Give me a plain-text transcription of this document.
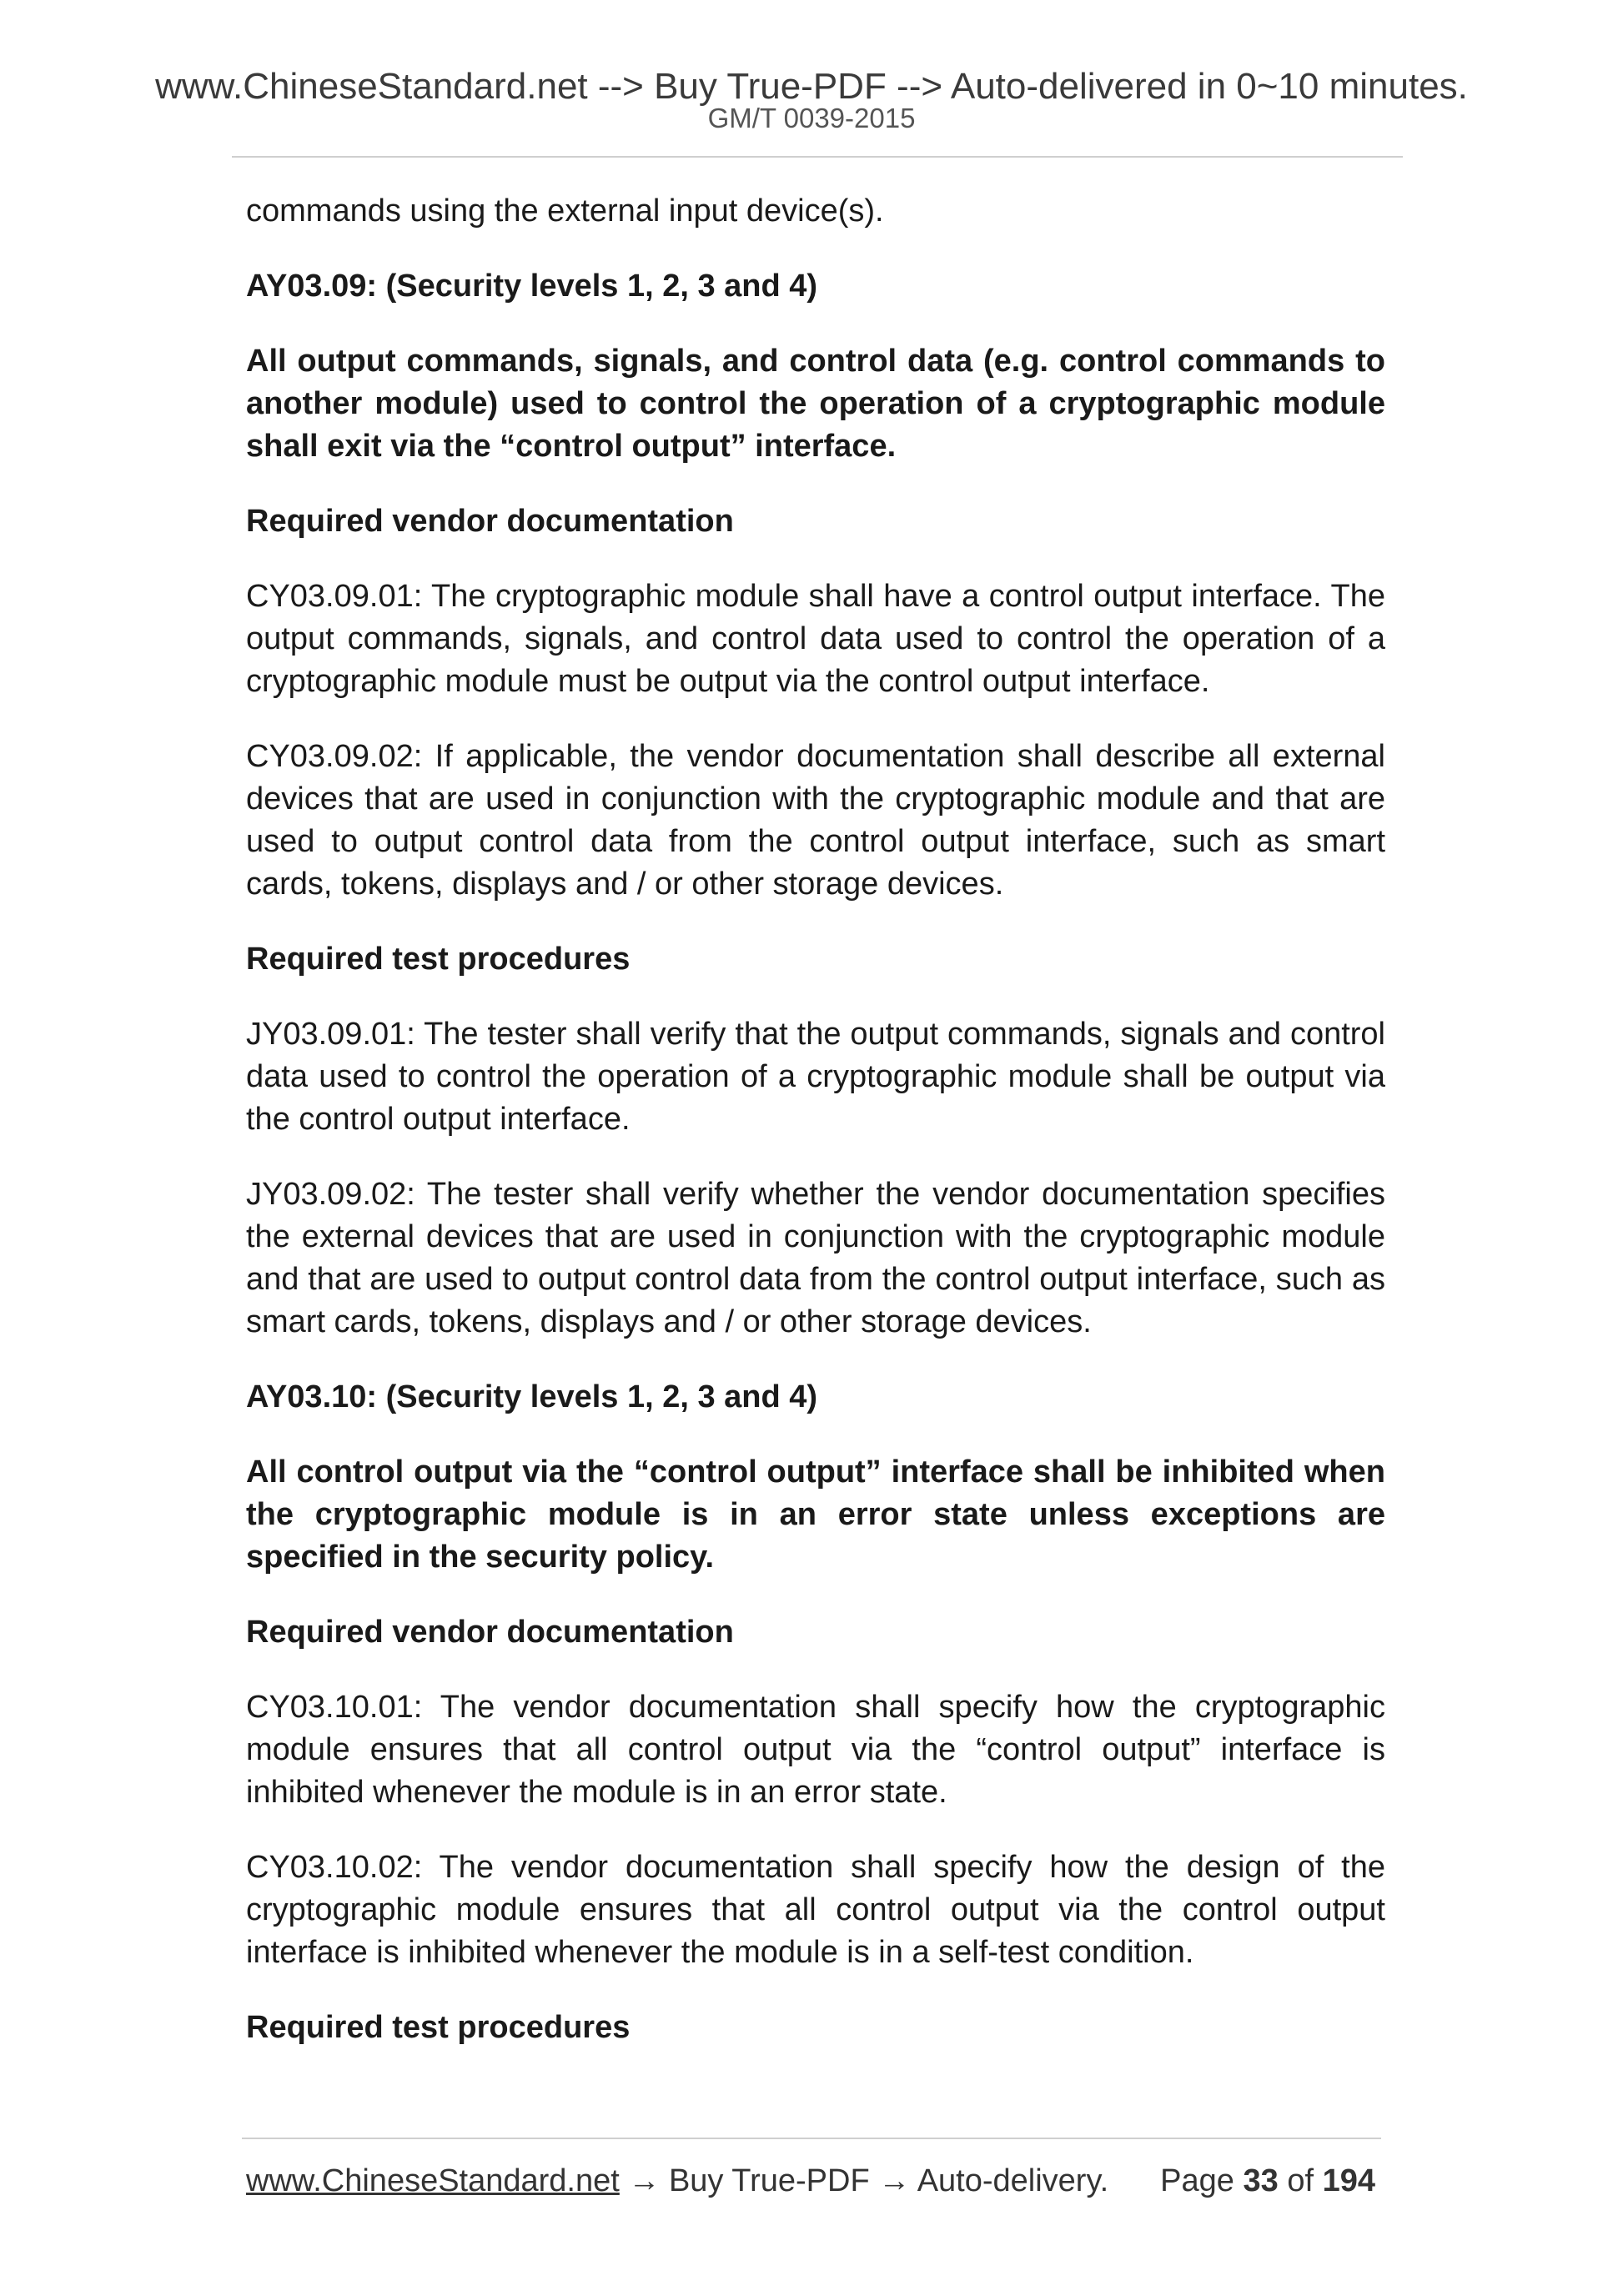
www.ChineseStandard.net --> Buy True-PDF --> Auto-delivered in 0~10 minutes.
GM/T 0039-2015

commands using the external input device(s).

AY03.09: (Security levels 1, 2, 3 and 4)

All output commands, signals, and control data (e.g. control commands to another module) used to control the operation of a cryptographic module shall exit via the “control output” interface.

Required vendor documentation

CY03.09.01: The cryptographic module shall have a control output interface. The output commands, signals, and control data used to control the operation of a cryptographic module must be output via the control output interface.

CY03.09.02: If applicable, the vendor documentation shall describe all external devices that are used in conjunction with the cryptographic module and that are used to output control data from the control output interface, such as smart cards, tokens, displays and / or other storage devices.

Required test procedures

JY03.09.01: The tester shall verify that the output commands, signals and control data used to control the operation of a cryptographic module shall be output via the control output interface.

JY03.09.02: The tester shall verify whether the vendor documentation specifies the external devices that are used in conjunction with the cryptographic module and that are used to output control data from the control output interface, such as smart cards, tokens, displays and / or other storage devices.

AY03.10: (Security levels 1, 2, 3 and 4)

All control output via the “control output” interface shall be inhibited when the cryptographic module is in an error state unless exceptions are specified in the security policy.

Required vendor documentation

CY03.10.01: The vendor documentation shall specify how the cryptographic module ensures that all control output via the “control output” interface is inhibited whenever the module is in an error state.

CY03.10.02: The vendor documentation shall specify how the design of the cryptographic module ensures that all control output via the control output interface is inhibited whenever the module is in a self-test condition.

Required test procedures

www.ChineseStandard.net → Buy True-PDF → Auto-delivery. Page 33 of 194
